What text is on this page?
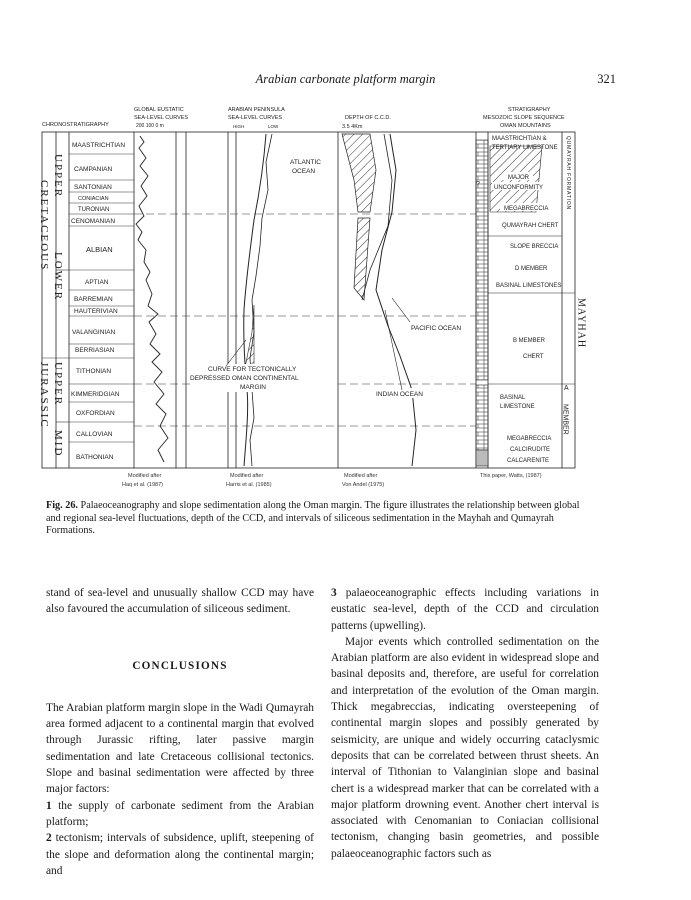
Arabian carbonate platform margin	321
CHRONOSTRATIGRAPHY
GLOBAL EUSTATIC
SEA-LEVEL CURVES
200 100 0 m
ARABIAN PENINSULA
SEA-LEVEL CURVES
HIGH	LOW
DEPTH OF C.C.D.
3.5 4Km
STRATIGRAPHY
MESOZOIC SLOPE SEQUENCE
OMAN MOUNTAINS
MAASTRICHTIAN
CAMPANIAN
SANTONIAN
CONIACIAN
TURONIAN
CENOMANIAN
ALBIAN
APTIAN
BARREMIAN
HAUTERIVIAN
VALANGINIAN
BERRIASIAN
TITHONIAN
KIMMERIDGIAN
OXFORDIAN
CALLOVIAN
BATHONIAN
CRETACEOUS
JURASSIC
UPPER
LOWER
UPPER
MID
ATLANTIC
OCEAN
PACIFIC OCEAN
INDIAN OCEAN
CURVE FOR TECTONICALLY
DEPRESSED OMAN CONTINENTAL
MARGIN
MAASTRICHTIAN &
TERTIARY LIMESTONE
MAJOR
UNCONFORMITY
MEGABRECCIA
QUMAYRAH CHERT
SLOPE BRECCIA
D MEMBER
BASINAL LIMESTONES
B MEMBER
CHERT
BASINAL
LIMESTONE
MEGABRECCIA
CALCIRUDITE
CALCARENITE
QUMAYRAH FORMATION
A
MEMBER
?
MAYHAH
Modified after
Haq et al. (1987)
Modified after
Harris et al. (1985)
Modified after
Von Andel (1975)
This paper, Watts, (1987)
Fig. 26. Palaeoceanography and slope sedimentation along the Oman margin. The figure illustrates the relationship between global and regional sea-level fluctuations, depth of the CCD, and intervals of siliceous sedimentation in the Mayhah and Qumayrah Formations.

stand of sea-level and unusually shallow CCD may have also favoured the accumulation of siliceous sediment.

CONCLUSIONS

The Arabian platform margin slope in the Wadi Qumayrah area formed adjacent to a continental margin that evolved through Jurassic rifting, later passive margin sedimentation and late Cretaceous collisional tectonics. Slope and basinal sedimentation were affected by three major factors:

1 the supply of carbonate sediment from the Arabian platform;

2 tectonism; intervals of subsidence, uplift, steepening of the slope and deformation along the continental margin; and

3 palaeoceanographic effects including variations in eustatic sea-level, depth of the CCD and circulation patterns (upwelling).

Major events which controlled sedimentation on the Arabian platform are also evident in widespread slope and basinal deposits and, therefore, are useful for correlation and interpretation of the evolution of the Oman margin. Thick megabreccias, indicating oversteepening of continental margin slopes and possibly generated by seismicity, are unique and widely occurring cataclysmic deposits that can be correlated between thrust sheets. An interval of Tithonian to Valanginian slope and basinal chert is a widespread marker that can be correlated with a major platform drowning event. Another chert interval is associated with Cenomanian to Coniacian collisional tectonism, changing basin geometries, and possible palaeoceanographic factors such as
